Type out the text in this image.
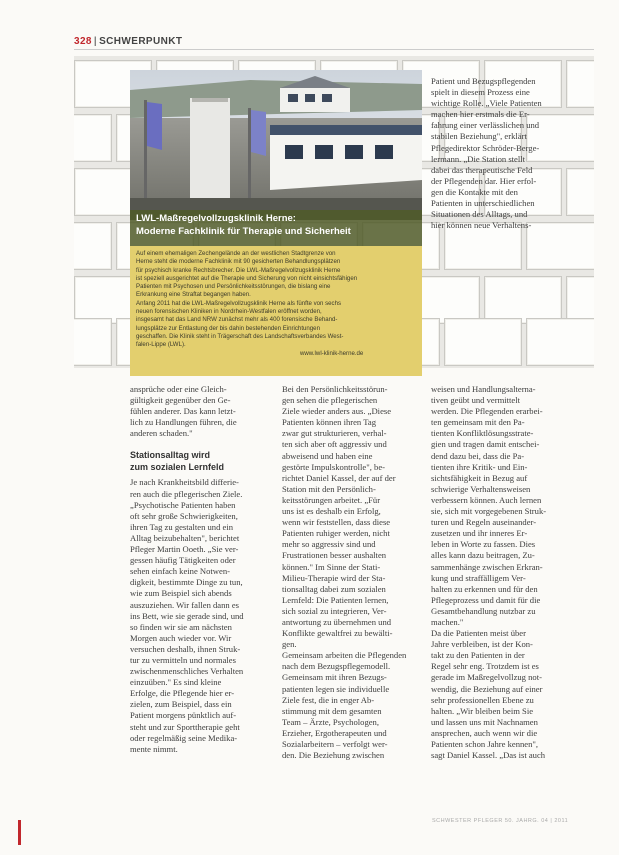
328 | SCHWERPUNKT
LWL-Maßregelvollzugsklinik Herne:
Moderne Fachklinik für Therapie und Sicherheit

Auf einem ehemaligen Zechengelände an der westlichen Stadtgrenze von
Herne steht die moderne Fachklinik mit 90 gesicherten Behandlungsplätzen
für psychisch kranke Rechtsbrecher. Die LWL-Maßregelvollzugsklinik Herne
ist speziell ausgerichtet auf die Therapie und Sicherung von nicht einsichtsfähigen
Patienten mit Psychosen und Persönlichkeitsstörungen, die bislang eine
Erkrankung eine Straftat begangen haben.
Anfang 2011 hat die LWL-Maßregelvollzugsklinik Herne als fünfte von sechs
neuen forensischen Kliniken in Nordrhein-Westfalen eröffnet worden,
insgesamt hat das Land NRW zunächst mehr als 400 forensische Behand-
lungsplätze zur Entlastung der bis dahin bestehenden Einrichtungen
geschaffen. Die Klinik steht in Trägerschaft des Landschaftsverbandes West-
falen-Lippe (LWL).

www.lwl-klinik-herne.de
Patient und Bezugspflegenden
spielt in diesem Prozess eine
wichtige Rolle. „Viele Patienten
machen hier erstmals die Er-
fahrung einer verlässlichen und
stabilen Beziehung", erklärt
Pflegedirektor Schröder-Berge-
lermann. „Die Station stellt
dabei das therapeutische Feld
der Pflegenden dar. Hier erfol-
gen die Kontakte mit den
Patienten in unterschiedlichen
Situationen des Alltags, und
hier können neue Verhaltens-
ansprüche oder eine Gleich-
gültigkeit gegenüber den Ge-
fühlen anderer. Das kann letzt-
lich zu Handlungen führen, die
anderen schaden."
Stationsalltag wird
zum sozialen Lernfeld
Je nach Krankheitsbild differie-
ren auch die pflegerischen Ziele.
„Psychotische Patienten haben
oft sehr große Schwierigkeiten,
ihren Tag zu gestalten und ein
Alltag beizubehalten", berichtet
Pfleger Martin Ooeth. „Sie ver-
gessen häufig Tätigkeiten oder
sehen einfach keine Notwen-
digkeit, bestimmte Dinge zu tun,
wie zum Beispiel sich abends
auszuziehen. Wir fallen dann es
ins Bett, wie sie gerade sind, und
so finden wir sie am nächsten
Morgen auch wieder vor. Wir
versuchen deshalb, ihnen Struk-
tur zu vermitteln und normales
zwischenmenschliches Verhalten
einzuüben." Es sind kleine
Erfolge, die Pflegende hier er-
zielen, zum Beispiel, dass ein
Patient morgens pünktlich auf-
steht und zur Sporttherapie geht
oder regelmäßig seine Medika-
mente nimmt.
Bei den Persönlichkeitsstörun-
gen sehen die pflegerischen
Ziele wieder anders aus. „Diese
Patienten können ihren Tag
zwar gut strukturieren, verhal-
ten sich aber oft aggressiv und
abweisend und haben eine
gestörte Impulskontrolle", be-
richtet Daniel Kassel, der auf der
Station mit den Persönlich-
keitsstörungen arbeitet. „Für
uns ist es deshalb ein Erfolg,
wenn wir feststellen, dass diese
Patienten ruhiger werden, nicht
mehr so aggressiv sind und
Frustrationen besser aushalten
können." Im Sinne der Stati-
Milieu-Therapie wird der Sta-
tionsalltag dabei zum sozialen
Lernfeld: Die Patienten lernen,
sich sozial zu integrieren, Ver-
antwortung zu übernehmen und
Konflikte gewaltfrei zu bewälti-
gen.
Gemeinsam arbeiten die Pflegenden
nach dem Bezugspflegemodell.
Gemeinsam mit ihren Bezugs-
patienten legen sie individuelle
Ziele fest, die in enger Ab-
stimmung mit dem gesamten
Team – Ärzte, Psychologen,
Erzieher, Ergotherapeuten und
Sozialarbeitern – verfolgt wer-
den. Die Beziehung zwischen
weisen und Handlungsalterna-
tiven geübt und vermittelt
werden. Die Pflegenden erarbei-
ten gemeinsam mit den Pa-
tienten Konfliktlösungsstrate-
gien und tragen damit entschei-
dend dazu bei, dass die Pa-
tienten ihre Kritik- und Ein-
sichtsfähigkeit in Bezug auf
schwierige Verhaltensweisen
verbessern können. Auch lernen
sie, sich mit vorgegebenen Struk-
turen und Regeln auseinander-
zusetzen und ihr inneres Er-
leben in Worte zu fassen. Dies
alles kann dazu beitragen, Zu-
sammenhänge zwischen Erkran-
kung und straffälligem Ver-
halten zu erkennen und für den
Pflegeprozess und damit für die
Gesamtbehandlung nutzbar zu
machen."
Da die Patienten meist über
Jahre verbleiben, ist der Kon-
takt zu den Patienten in der
Regel sehr eng. Trotzdem ist es
gerade im Maßregelvollzug not-
wendig, die Beziehung auf einer
sehr professionellen Ebene zu
halten. „Wir bleiben beim Sie
und lassen uns mit Nachnamen
ansprechen, auch wenn wir die
Patienten schon Jahre kennen",
sagt Daniel Kassel. „Das ist auch
SCHWESTER PFLEGER 50. JAHRG. 04 | 2011
